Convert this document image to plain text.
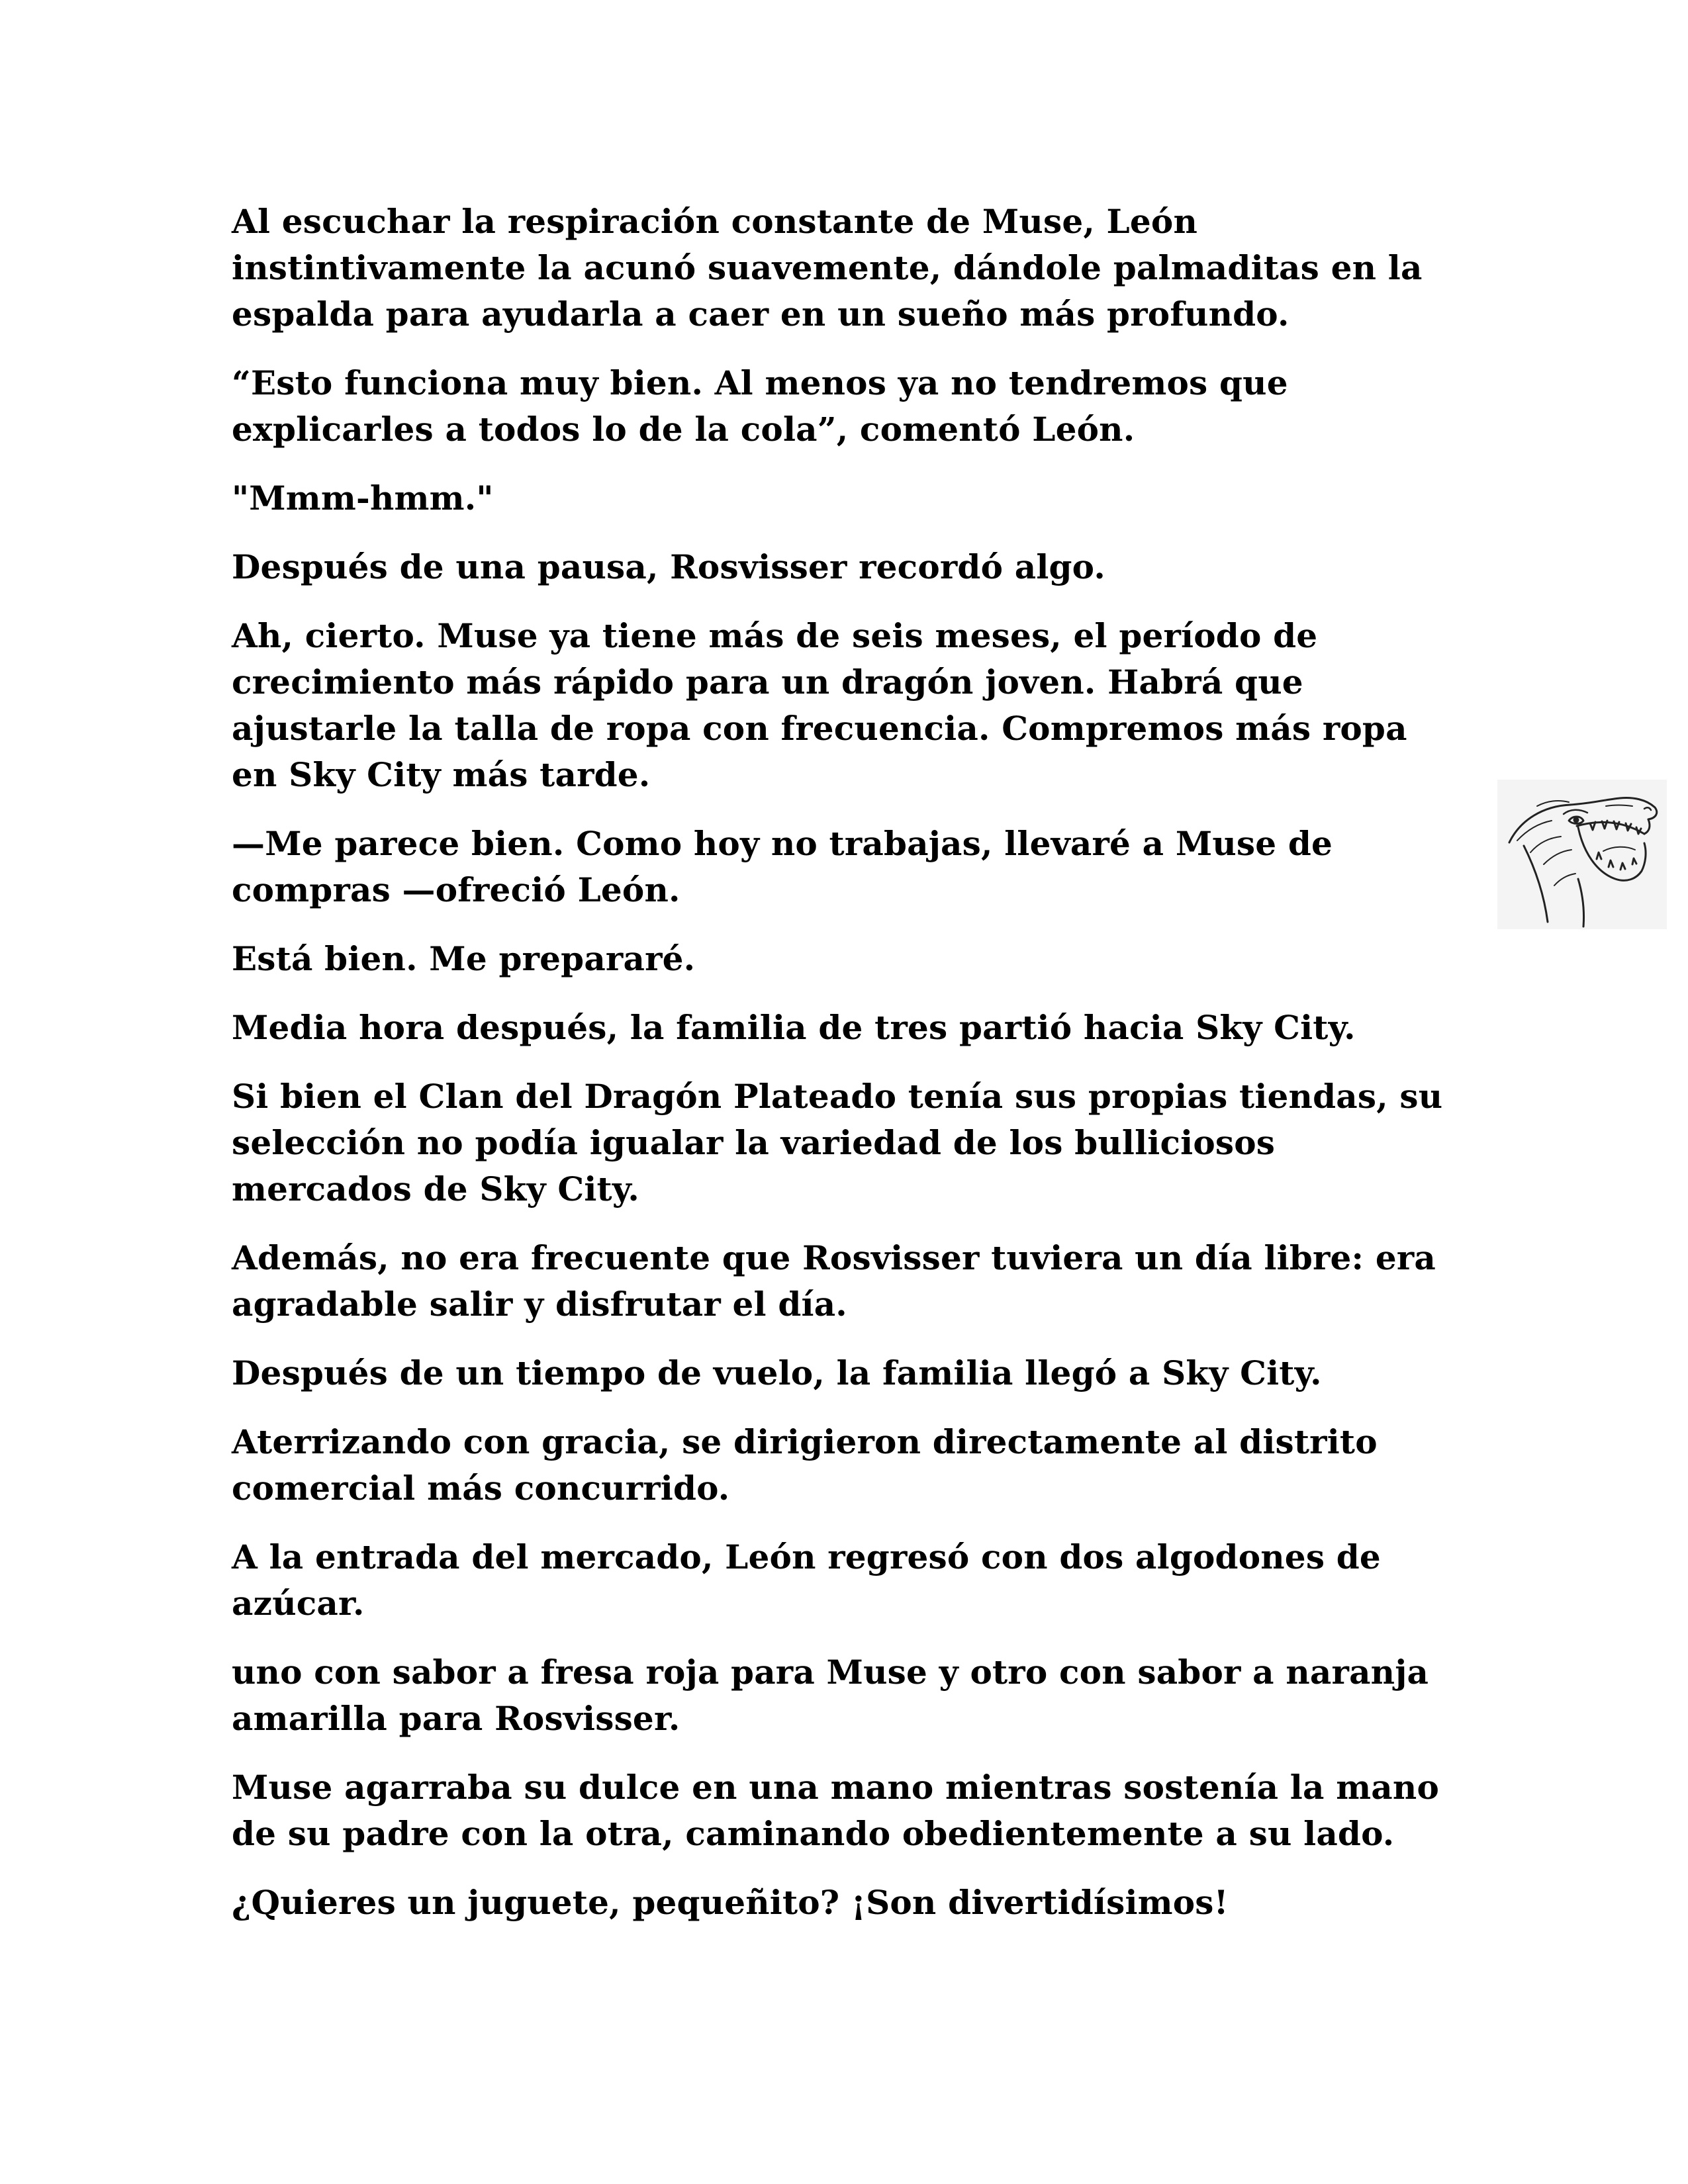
Al escuchar la respiración constante de Muse, León instintivamente la acunó suavemente, dándole palmaditas en la espalda para ayudarla a caer en un sueño más profundo.

“Esto funciona muy bien. Al menos ya no tendremos que explicarles a todos lo de la cola”, comentó León.

"Mmm-hmm."

Después de una pausa, Rosvisser recordó algo.

Ah, cierto. Muse ya tiene más de seis meses, el período de crecimiento más rápido para un dragón joven. Habrá que ajustarle la talla de ropa con frecuencia. Compremos más ropa en Sky City más tarde.

—Me parece bien. Como hoy no trabajas, llevaré a Muse de compras —ofreció León.

Está bien. Me prepararé.

Media hora después, la familia de tres partió hacia Sky City.

Si bien el Clan del Dragón Plateado tenía sus propias tiendas, su selección no podía igualar la variedad de los bulliciosos mercados de Sky City.

Además, no era frecuente que Rosvisser tuviera un día libre: era agradable salir y disfrutar el día.

Después de un tiempo de vuelo, la familia llegó a Sky City.

Aterrizando con gracia, se dirigieron directamente al distrito comercial más concurrido.

A la entrada del mercado, León regresó con dos algodones de azúcar.

uno con sabor a fresa roja para Muse y otro con sabor a naranja amarilla para Rosvisser.

Muse agarraba su dulce en una mano mientras sostenía la mano de su padre con la otra, caminando obedientemente a su lado.

¿Quieres un juguete, pequeñito? ¡Son divertidísimos!
